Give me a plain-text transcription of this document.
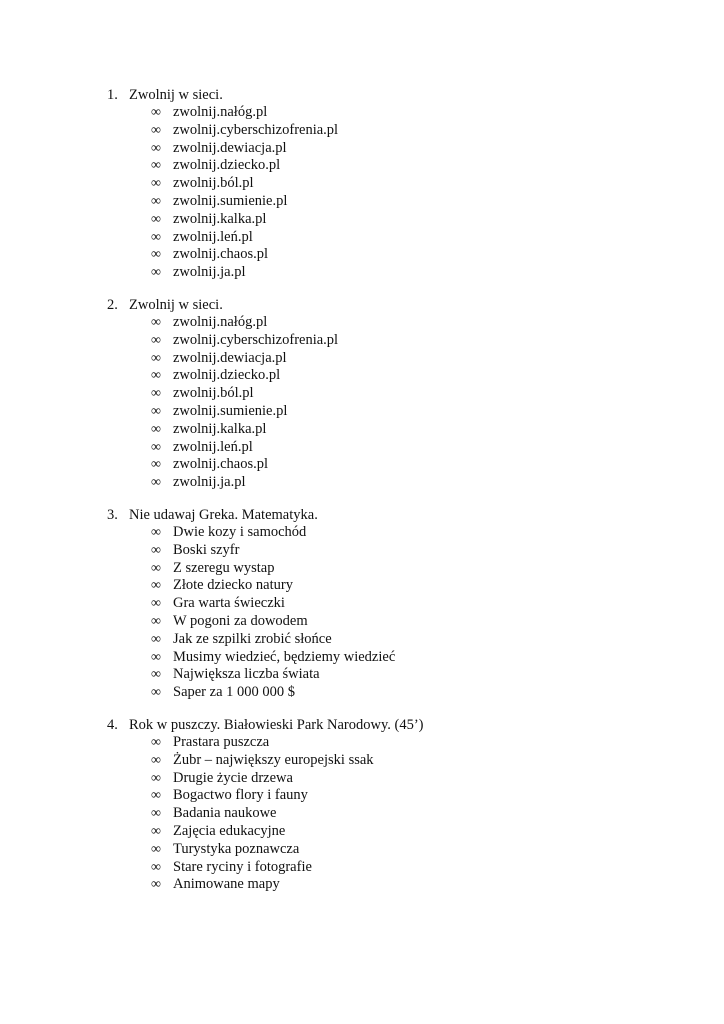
1. Zwolnij w sieci.
∞ zwolnij.nałóg.pl
∞ zwolnij.cyberschizofrenia.pl
∞ zwolnij.dewiacja.pl
∞ zwolnij.dziecko.pl
∞ zwolnij.ból.pl
∞ zwolnij.sumienie.pl
∞ zwolnij.kalka.pl
∞ zwolnij.leń.pl
∞ zwolnij.chaos.pl
∞ zwolnij.ja.pl
2. Zwolnij w sieci.
∞ zwolnij.nałóg.pl
∞ zwolnij.cyberschizofrenia.pl
∞ zwolnij.dewiacja.pl
∞ zwolnij.dziecko.pl
∞ zwolnij.ból.pl
∞ zwolnij.sumienie.pl
∞ zwolnij.kalka.pl
∞ zwolnij.leń.pl
∞ zwolnij.chaos.pl
∞ zwolnij.ja.pl
3. Nie udawaj Greka. Matematyka.
∞ Dwie kozy i samochód
∞ Boski szyfr
∞ Z szeregu wystap
∞ Złote dziecko natury
∞ Gra warta świeczki
∞ W pogoni za dowodem
∞ Jak ze szpilki zrobić słońce
∞ Musimy wiedzieć, będziemy wiedzieć
∞ Największa liczba świata
∞ Saper za 1 000 000 $
4. Rok w puszczy. Białowieski Park Narodowy. (45’)
∞ Prastara puszcza
∞ Żubr – największy europejski ssak
∞ Drugie życie drzewa
∞ Bogactwo flory i fauny
∞ Badania naukowe
∞ Zajęcia edukacyjne
∞ Turystyka poznawcza
∞ Stare ryciny i fotografie
∞ Animowane mapy
